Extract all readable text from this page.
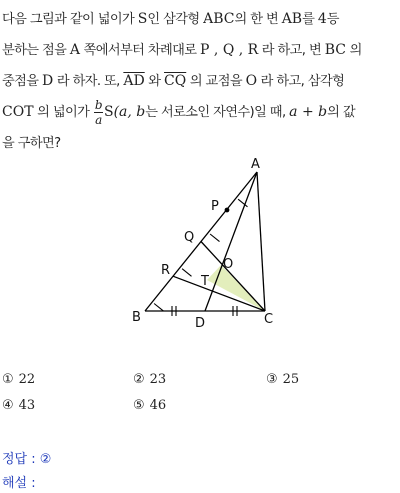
다음 그림과 같이 넓이가 S인 삼각형 ABC의 한 변 AB를 4등
분하는 점을 A 쪽에서부터 차례대로 P , Q , R 라 하고, 변 BC 의
중점을 D 라 하자. 또, $\overline{AD}$ 와 $\overline{CQ}$ 의 교점을 O 라 하고, 삼각형
COT 의 넓이가 $\frac{b}{a} S(a$, b는 서로소인 자연수)일 때, a + b의 값
을 구하면?
A
P
Q
R
T
O
B	D	C
① 22	② 23	③ 25
④ 43	⑤ 46
정답 : ②
해설 :
